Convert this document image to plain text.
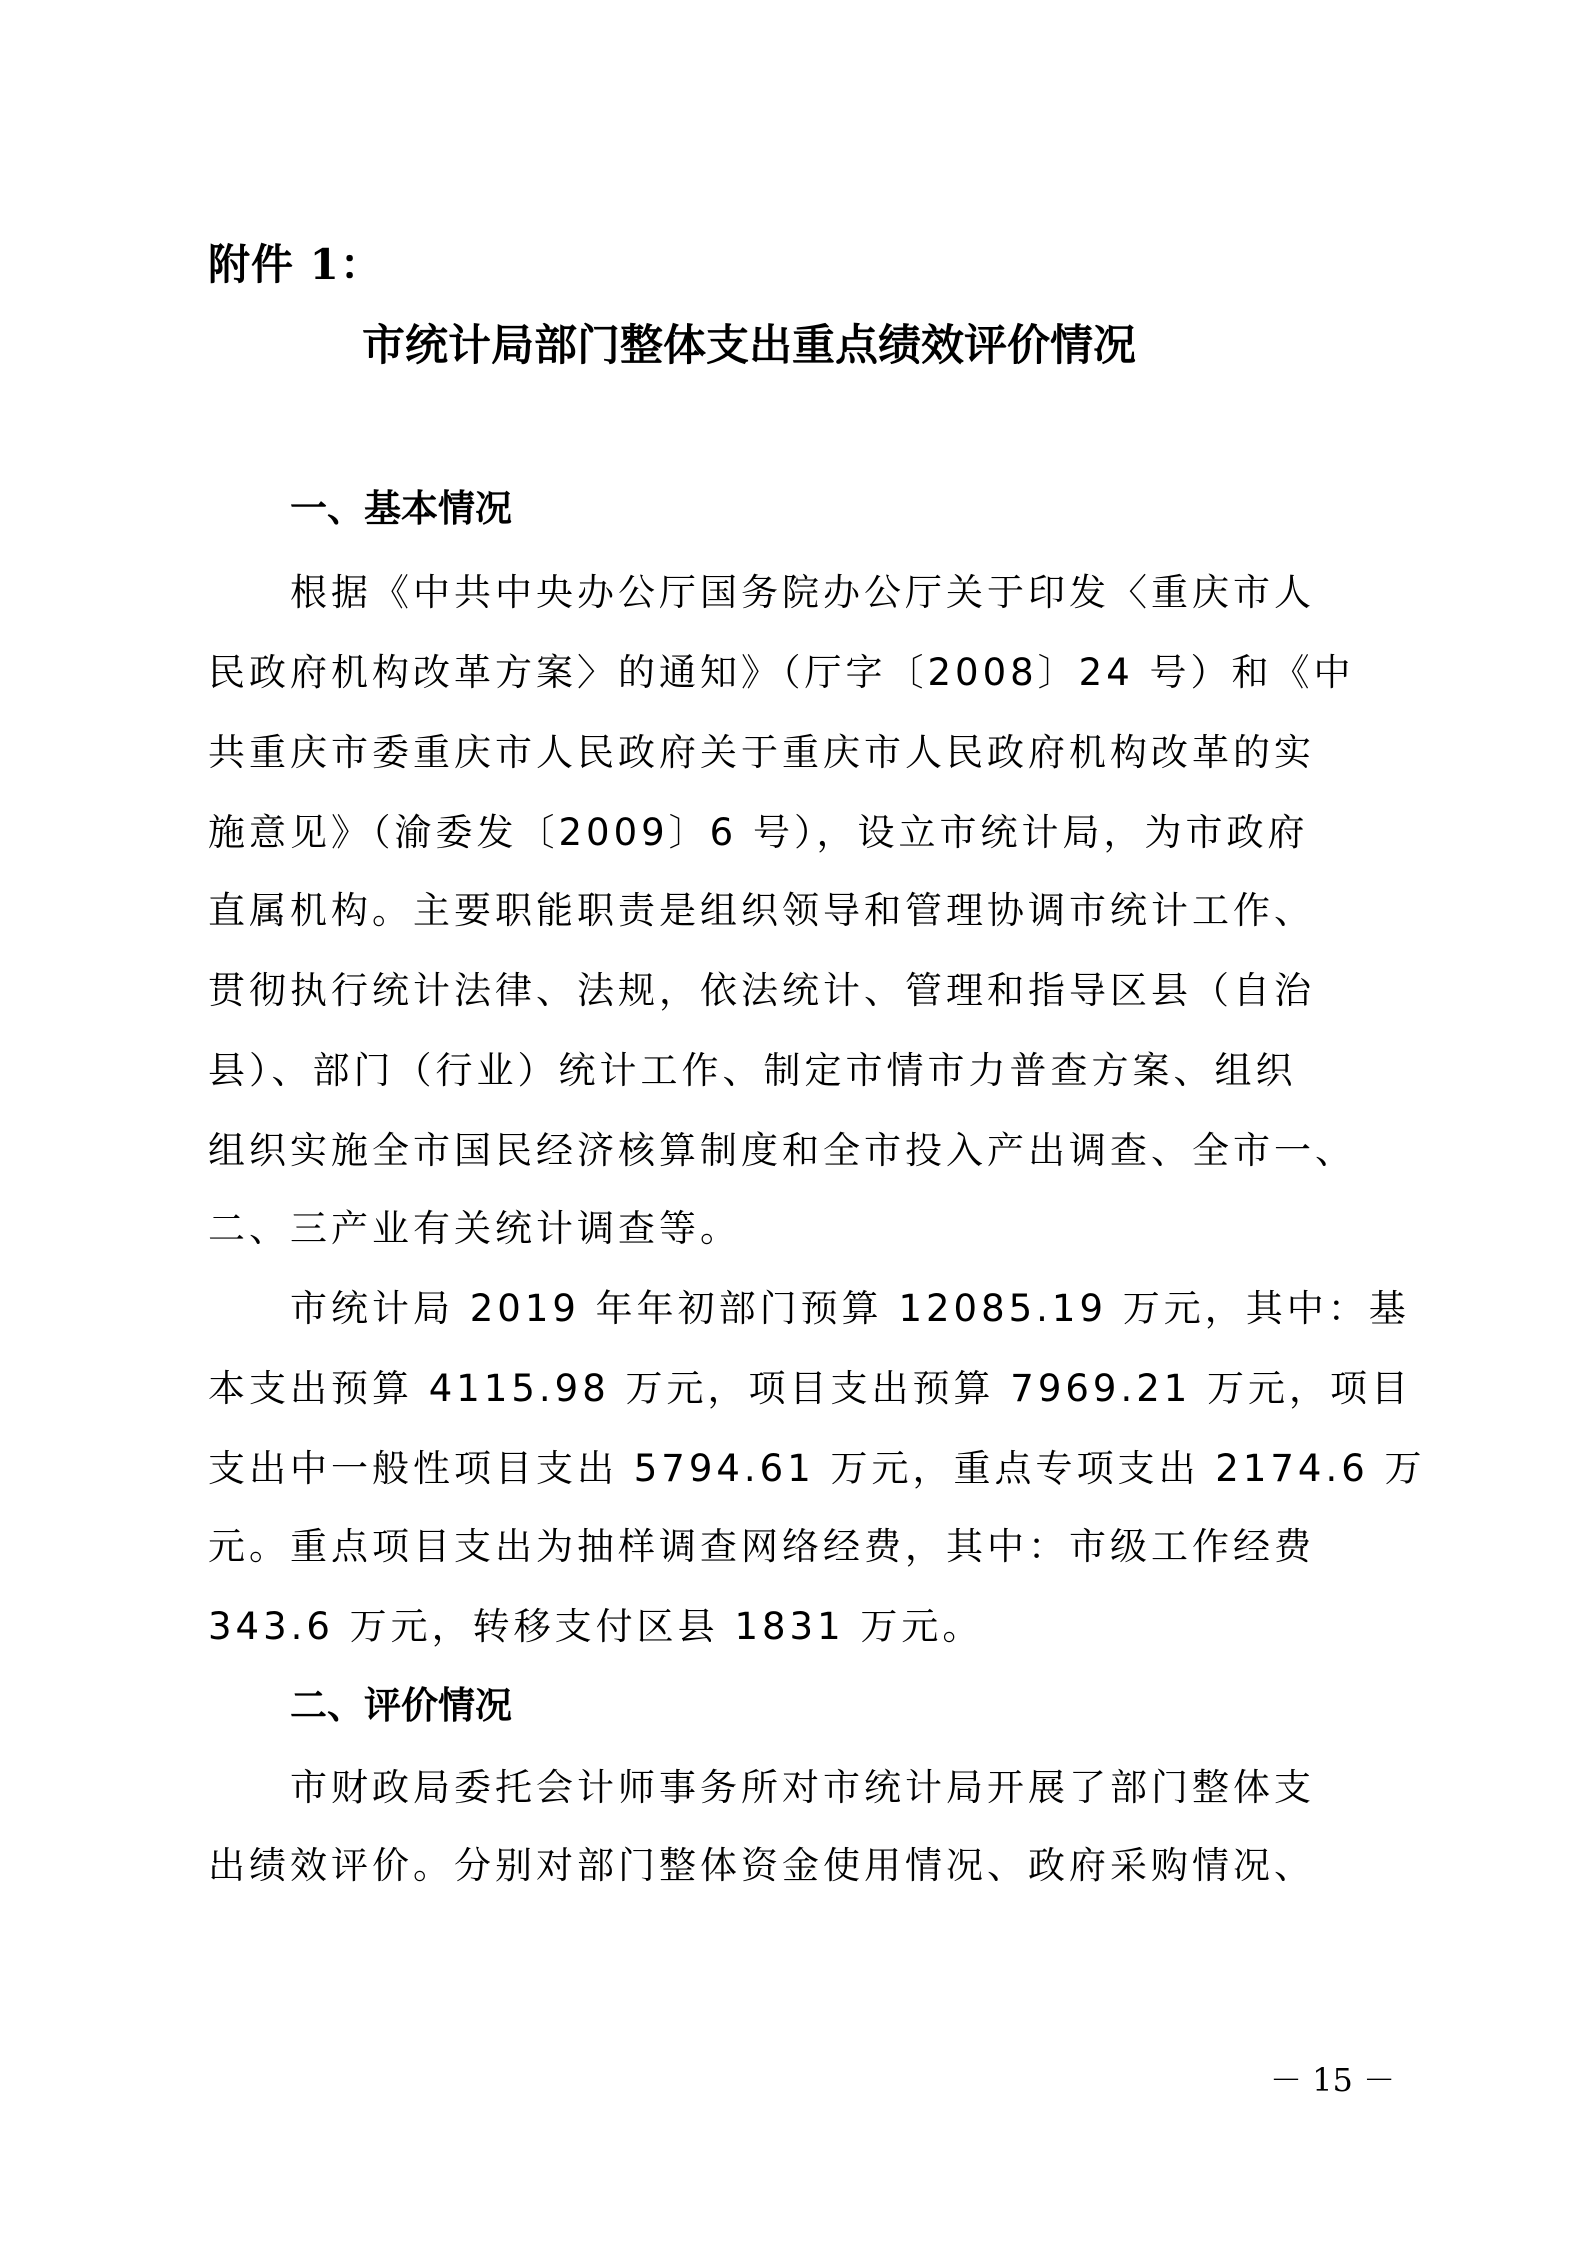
附件 1：
市统计局部门整体支出重点绩效评价情况
一、基本情况
根据《中共中央办公厅国务院办公厅关于印发〈重庆市人
民政府机构改革方案〉的通知》（厅字〔2008〕24 号）和《中
共重庆市委重庆市人民政府关于重庆市人民政府机构改革的实
施意见》（渝委发〔2009〕6 号），设立市统计局，为市政府
直属机构。主要职能职责是组织领导和管理协调市统计工作、
贯彻执行统计法律、法规，依法统计、管理和指导区县（自治
县）、部门（行业）统计工作、制定市情市力普查方案、组织
组织实施全市国民经济核算制度和全市投入产出调查、全市一、
二、三产业有关统计调查等。
市统计局 2019 年年初部门预算 12085.19 万元，其中：基
本支出预算 4115.98 万元，项目支出预算 7969.21 万元，项目
支出中一般性项目支出 5794.61 万元，重点专项支出 2174.6 万
元。重点项目支出为抽样调查网络经费，其中：市级工作经费
343.6 万元，转移支付区县 1831 万元。
二、评价情况
市财政局委托会计师事务所对市统计局开展了部门整体支
出绩效评价。分别对部门整体资金使用情况、政府采购情况、
－ 15 －
